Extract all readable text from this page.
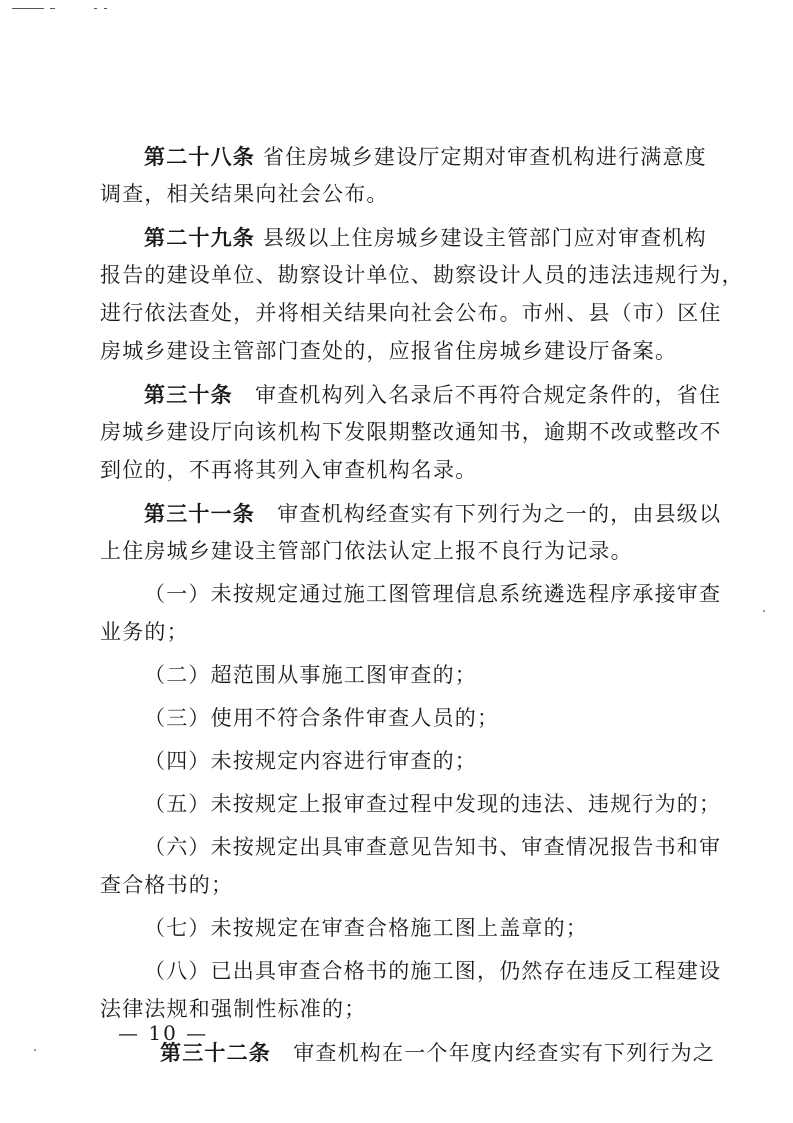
第二十八条 省住房城乡建设厅定期对审查机构进行满意度
调查，相关结果向社会公布。
第二十九条 县级以上住房城乡建设主管部门应对审查机构
报告的建设单位、勘察设计单位、勘察设计人员的违法违规行为，
进行依法查处，并将相关结果向社会公布。市州、县（市）区住
房城乡建设主管部门查处的，应报省住房城乡建设厅备案。
第三十条　审查机构列入名录后不再符合规定条件的，省住
房城乡建设厅向该机构下发限期整改通知书，逾期不改或整改不
到位的，不再将其列入审查机构名录。
第三十一条　审查机构经查实有下列行为之一的，由县级以
上住房城乡建设主管部门依法认定上报不良行为记录。
（一）未按规定通过施工图管理信息系统遴选程序承接审查
业务的；
（二）超范围从事施工图审查的；
（三）使用不符合条件审查人员的；
（四）未按规定内容进行审查的；
（五）未按规定上报审查过程中发现的违法、违规行为的；
（六）未按规定出具审查意见告知书、审查情况报告书和审
查合格书的；
（七）未按规定在审查合格施工图上盖章的；
（八）已出具审查合格书的施工图，仍然存在违反工程建设
法律法规和强制性标准的；
第三十二条　审查机构在一个年度内经查实有下列行为之
— 10 —
